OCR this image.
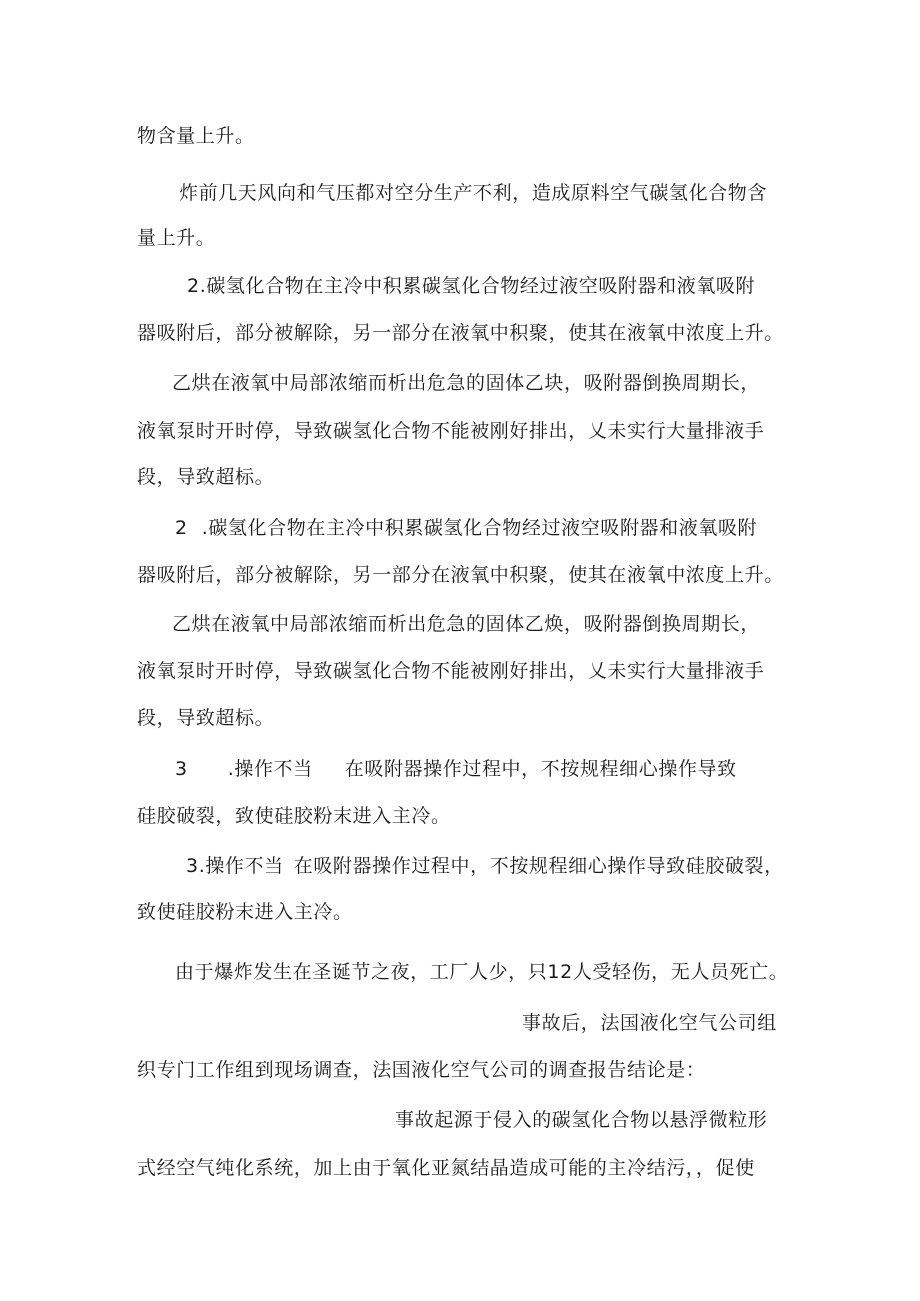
物含量上升。
炸前几天风向和气压都对空分生产不利，造成原料空气碳氢化合物含
量上升。
2.碳氢化合物在主冷中积累碳氢化合物经过液空吸附器和液氧吸附
器吸附后，部分被解除，另一部分在液氧中积聚，使其在液氧中浓度上升。
乙烘在液氧中局部浓缩而析出危急的固体乙块，吸附器倒换周期长，
液氧泵时开时停，导致碳氢化合物不能被刚好排出，乂未实行大量排液手
段，导致超标。
2 .碳氢化合物在主冷中积累碳氢化合物经过液空吸附器和液氧吸附
器吸附后，部分被解除，另一部分在液氧中积聚，使其在液氧中浓度上升。
乙烘在液氧中局部浓缩而析出危急的固体乙焕，吸附器倒换周期长，
液氧泵时开时停，导致碳氢化合物不能被刚好排出，乂未实行大量排液手
段，导致超标。
3 .操作不当 在吸附器操作过程中，不按规程细心操作导致
硅胶破裂，致使硅胶粉末进入主冷。
3.操作不当 在吸附器操作过程中，不按规程细心操作导致硅胶破裂，
致使硅胶粉末进入主冷。
由于爆炸发生在圣诞节之夜，工厂人少，只12人受轻伤，无人员死亡。
事故后，法国液化空气公司组
织专门工作组到现场调查，法国液化空气公司的调查报告结论是：
事故起源于侵入的碳氢化合物以悬浮微粒形
式经空气纯化系统，加上由于氧化亚氮结晶造成可能的主冷结污，，促使
